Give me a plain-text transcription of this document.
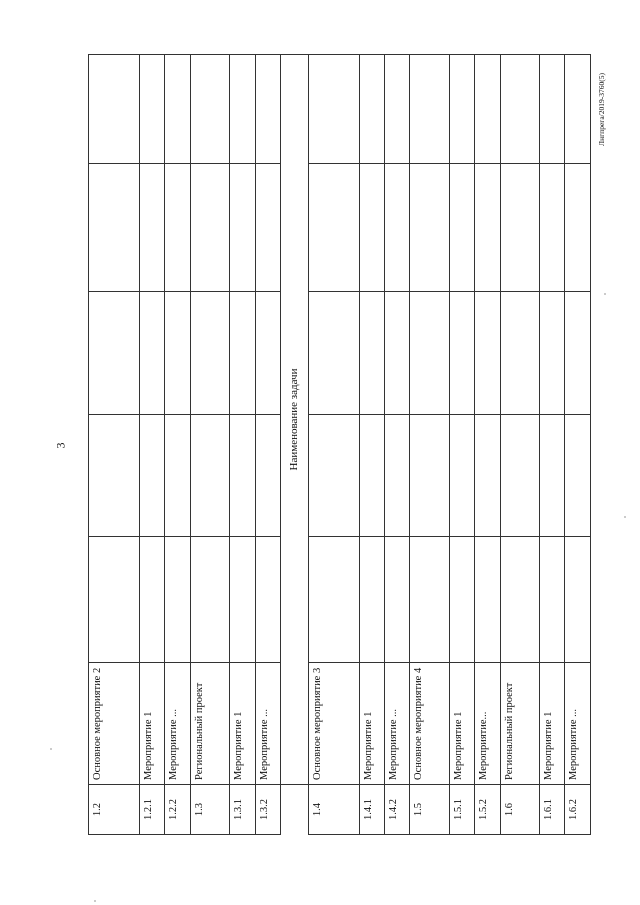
3
1.2	Основное мероприятие 2					
1.2.1	Мероприятие 1					
1.2.2	Мероприятие ...					
1.3	Региональный проект					
1.3.1	Мероприятие 1					
1.3.2	Мероприятие ...					
	Наименование задачи					
1.4	Основное мероприятие 3					
1.4.1	Мероприятие 1					
1.4.2	Мероприятие ...					
1.5	Основное мероприятие 4					
1.5.1	Мероприятие 1					
1.5.2	Мероприятие...					
1.6	Региональный проект					
1.6.1	Мероприятие 1					
1.6.2	Мероприятие ...					
Лнгпрега/2019-3760(5)
